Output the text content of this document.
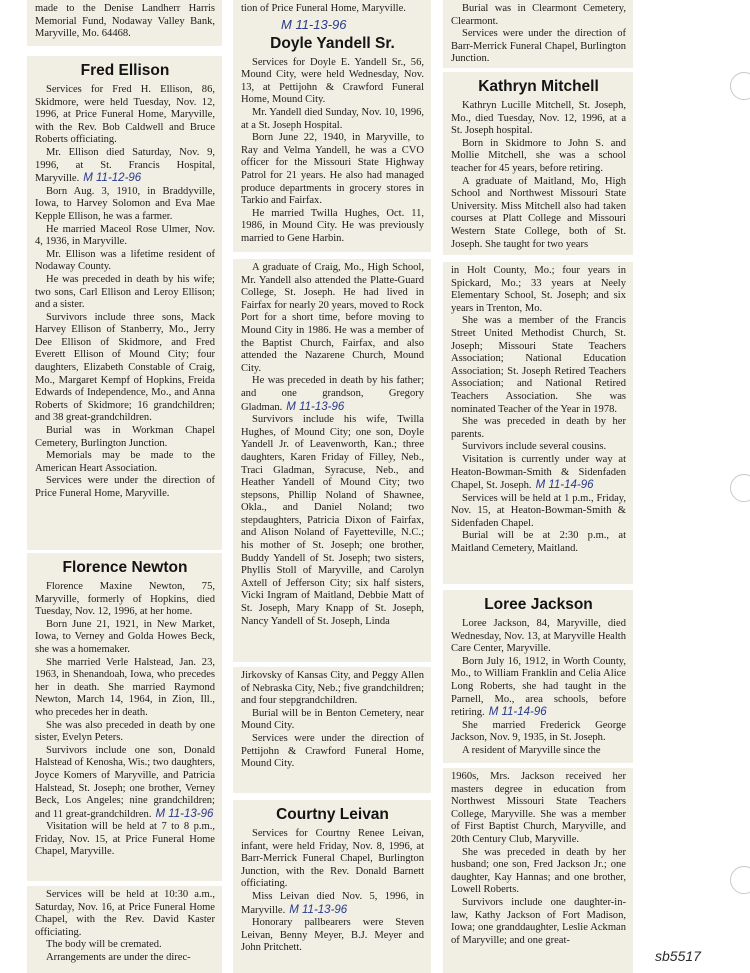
made to the Denise Landherr Harris Memorial Fund, Nodaway Valley Bank, Maryville, Mo. 64468.

Fred Ellison

Services for Fred H. Ellison, 86, Skidmore, were held Tuesday, Nov. 12, 1996, at Price Funeral Home, Maryville, with the Rev. Bob Caldwell and Bruce Roberts officiating.

Mr. Ellison died Saturday, Nov. 9, 1996, at St. Francis Hospital, Maryville. M 11-12-96

Born Aug. 3, 1910, in Braddyville, Iowa, to Harvey Solomon and Eva Mae Kepple Ellison, he was a farmer.

He married Maceol Rose Ulmer, Nov. 4, 1936, in Maryville.

Mr. Ellison was a lifetime resident of Nodaway County.

He was preceded in death by his wife; two sons, Carl Ellison and Leroy Ellison; and a sister.

Survivors include three sons, Mack Harvey Ellison of Stanberry, Mo., Jerry Dee Ellison of Skidmore, and Fred Everett Ellison of Mound City; four daughters, Elizabeth Constable of Craig, Mo., Margaret Kempf of Hopkins, Freida Edwards of Independence, Mo., and Anna Roberts of Skidmore; 16 grandchildren; and 38 great-grandchildren.

Burial was in Workman Chapel Cemetery, Burlington Junction.

Memorials may be made to the American Heart Association.

Services were under the direction of Price Funeral Home, Maryville.

Florence Newton

Florence Maxine Newton, 75, Maryville, formerly of Hopkins, died Tuesday, Nov. 12, 1996, at her home.

Born June 21, 1921, in New Market, Iowa, to Verney and Golda Howes Beck, she was a homemaker.

She married Verle Halstead, Jan. 23, 1963, in Shenandoah, Iowa, who precedes her in death. She married Raymond Newton, March 14, 1964, in Zion, Ill., who precedes her in death.

She was also preceded in death by one sister, Evelyn Peters.

Survivors include one son, Donald Halstead of Kenosha, Wis.; two daughters, Joyce Komers of Maryville, and Patricia Halstead, St. Joseph; one brother, Verney Beck, Los Angeles; nine grandchildren; and 11 great-grandchildren. M 11-13-96

Visitation will be held at 7 to 8 p.m., Friday, Nov. 15, at Price Funeral Home Chapel, Maryville.

Services will be held at 10:30 a.m., Saturday, Nov. 16, at Price Funeral Home Chapel, with the Rev. David Kaster officiating.

The body will be cremated.

Arrangements are under the direc-

tion of Price Funeral Home, Maryville.

M 11-13-96
Doyle Yandell Sr.

Services for Doyle E. Yandell Sr., 56, Mound City, were held Wednesday, Nov. 13, at Pettijohn & Crawford Funeral Home, Mound City.

Mr. Yandell died Sunday, Nov. 10, 1996, at a St. Joseph Hospital.

Born June 22, 1940, in Maryville, to Ray and Velma Yandell, he was a CVO officer for the Missouri State Highway Patrol for 21 years. He also had managed produce departments in grocery stores in Tarkio and Fairfax.

He married Twilla Hughes, Oct. 11, 1986, in Mound City. He was previously married to Gene Harbin.

A graduate of Craig, Mo., High School, Mr. Yandell also attended the Platte-Guard College, St. Joseph. He had lived in Fairfax for nearly 20 years, moved to Rock Port for a short time, before moving to Mound City in 1986. He was a member of the Baptist Church, Fairfax, and also attended the Nazarene Church, Mound City.

He was preceded in death by his father; and one grandson, Gregory Gladman. M 11-13-96

Survivors include his wife, Twilla Hughes, of Mound City; one son, Doyle Yandell Jr. of Leavenworth, Kan.; three daughters, Karen Friday of Filley, Neb., Traci Gladman, Syracuse, Neb., and Heather Yandell of Mound City; two stepsons, Phillip Noland of Shawnee, Okla., and Daniel Noland; two stepdaughters, Patricia Dixon of Fairfax, and Alison Noland of Fayetteville, N.C.; his mother of St. Joseph; one brother, Buddy Yandell of St. Joseph; two sisters, Phyllis Stoll of Maryville, and Carolyn Axtell of Jefferson City; six half sisters, Vicki Ingram of Maitland, Debbie Matt of St. Joseph, Mary Knapp of St. Joseph, Nancy Yandell of St. Joseph, Linda

Jirkovsky of Kansas City, and Peggy Allen of Nebraska City, Neb.; five grandchildren; and four stepgrandchildren.

Burial will be in Benton Cemetery, near Mound City.

Services were under the direction of Pettijohn & Crawford Funeral Home, Mound City.

Courtny Leivan

Services for Courtny Renee Leivan, infant, were held Friday, Nov. 8, 1996, at Barr-Merrick Funeral Chapel, Burlington Junction, with the Rev. Donald Barnett officiating.

Miss Leivan died Nov. 5, 1996, in Maryville. M 11-13-96

Honorary pallbearers were Steven Leivan, Benny Meyer, B.J. Meyer and John Pritchett.

Burial was in Clearmont Cemetery, Clearmont.

Services were under the direction of Barr-Merrick Funeral Chapel, Burlington Junction.

Kathryn Mitchell

Kathryn Lucille Mitchell, St. Joseph, Mo., died Tuesday, Nov. 12, 1996, at a St. Joseph hospital.

Born in Skidmore to John S. and Mollie Mitchell, she was a school teacher for 45 years, before retiring.

A graduate of Maitland, Mo, High School and Northwest Missouri State University. Miss Mitchell also had taken courses at Platt College and Missouri Western State College, both of St. Joseph. She taught for two years

in Holt County, Mo.; four years in Spickard, Mo.; 33 years at Neely Elementary School, St. Joseph; and six years in Trenton, Mo.

She was a member of the Francis Street United Methodist Church, St. Joseph; Missouri State Teachers Association; National Education Association; St. Joseph Retired Teachers Association; and National Retired Teachers Association. She was nominated Teacher of the Year in 1978.

She was preceded in death by her parents.

Survivors include several cousins.

Visitation is currently under way at Heaton-Bowman-Smith & Sidenfaden Chapel, St. Joseph. M 11-14-96

Services will be held at 1 p.m., Friday, Nov. 15, at Heaton-Bowman-Smith & Sidenfaden Chapel.

Burial will be at 2:30 p.m., at Maitland Cemetery, Maitland.

Loree Jackson

Loree Jackson, 84, Maryville, died Wednesday, Nov. 13, at Maryville Health Care Center, Maryville.

Born July 16, 1912, in Worth County, Mo., to William Franklin and Celia Alice Long Roberts, she had taught in the Parnell, Mo., area schools, before retiring. M 11-14-96

She married Frederick George Jackson, Nov. 9, 1935, in St. Joseph.

A resident of Maryville since the

1960s, Mrs. Jackson received her masters degree in education from Northwest Missouri State Teachers College, Maryville. She was a member of First Baptist Church, Maryville, and 20th Century Club, Maryville.

She was preceded in death by her husband; one son, Fred Jackson Jr.; one daughter, Kay Hannas; and one brother, Lowell Roberts.

Survivors include one daughter-in-law, Kathy Jackson of Fort Madison, Iowa; one granddaughter, Leslie Ackman of Maryville; and one great-

sb5517
